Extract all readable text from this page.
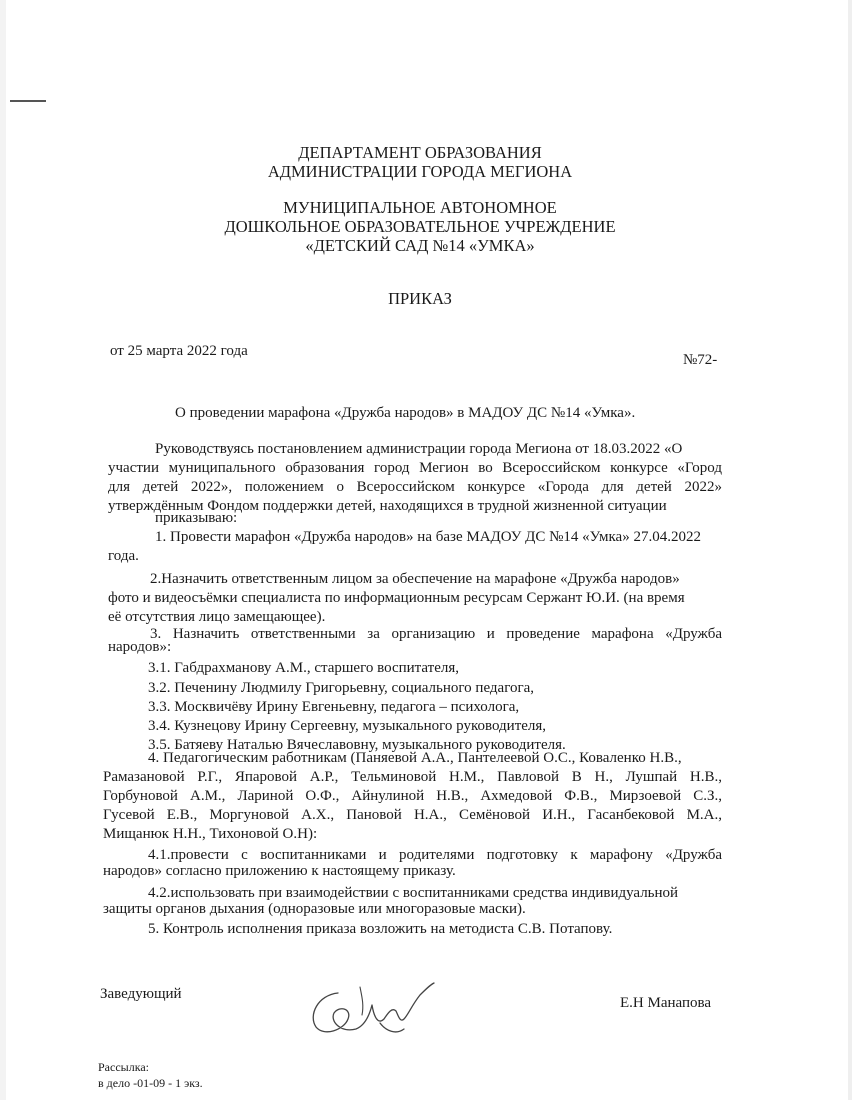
ДЕПАРТАМЕНТ ОБРАЗОВАНИЯ
АДМИНИСТРАЦИИ ГОРОДА МЕГИОНА
МУНИЦИПАЛЬНОЕ АВТОНОМНОЕ
ДОШКОЛЬНОЕ ОБРАЗОВАТЕЛЬНОЕ УЧРЕЖДЕНИЕ
«ДЕТСКИЙ САД №14 «УМКА»
ПРИКАЗ
от 25 марта 2022 года
№72-
О проведении марафона «Дружба народов» в МАДОУ ДС №14 «Умка».
Руководствуясь постановлением администрации города Мегиона от 18.03.2022 «О
участии муниципального образования город Мегион во Всероссийском конкурсе «Город
для детей 2022», положением о Всероссийском конкурсе «Города для детей 2022»
утверждённым Фондом поддержки детей, находящихся в трудной жизненной ситуации
приказываю:
1. Провести марафон «Дружба народов» на базе МАДОУ ДС №14 «Умка» 27.04.2022
года.
2.Назначить ответственным лицом за обеспечение на марафоне «Дружба народов»
фото и видеосъёмки специалиста по информационным ресурсам Сержант Ю.И. (на время
её отсутствия лицо замещающее).
3. Назначить ответственными за организацию и проведение марафона «Дружба
народов»:
3.1. Габдрахманову А.М., старшего воспитателя,
3.2. Печенину Людмилу Григорьевну, социального педагога,
3.3. Москвичёву Ирину Евгеньевну, педагога – психолога,
3.4. Кузнецову Ирину Сергеевну, музыкального руководителя,
3.5. Батяеву Наталью Вячеславовну, музыкального руководителя.
4. Педагогическим работникам (Паняевой А.А., Пантелеевой О.С., Коваленко Н.В.,
Рамазановой Р.Г., Япаровой А.Р., Тельминовой Н.М., Павловой В Н., Лушпай Н.В.,
Горбуновой А.М., Лариной О.Ф., Айнулиной Н.В., Ахмедовой Ф.В., Мирзоевой С.З.,
Гусевой Е.В., Моргуновой А.Х., Пановой Н.А., Семёновой И.Н., Гасанбековой М.А.,
Мищанюк Н.Н., Тихоновой О.Н):
4.1.провести с воспитанниками и родителями подготовку к марафону «Дружба
народов» согласно приложению к настоящему приказу.
4.2.использовать при взаимодействии с воспитанниками средства индивидуальной
защиты органов дыхания (одноразовые или многоразовые маски).
5. Контроль исполнения приказа возложить на методиста С.В. Потапову.
Заведующий
Е.Н Манапова
Рассылка:
в дело -01-09 - 1 экз.
